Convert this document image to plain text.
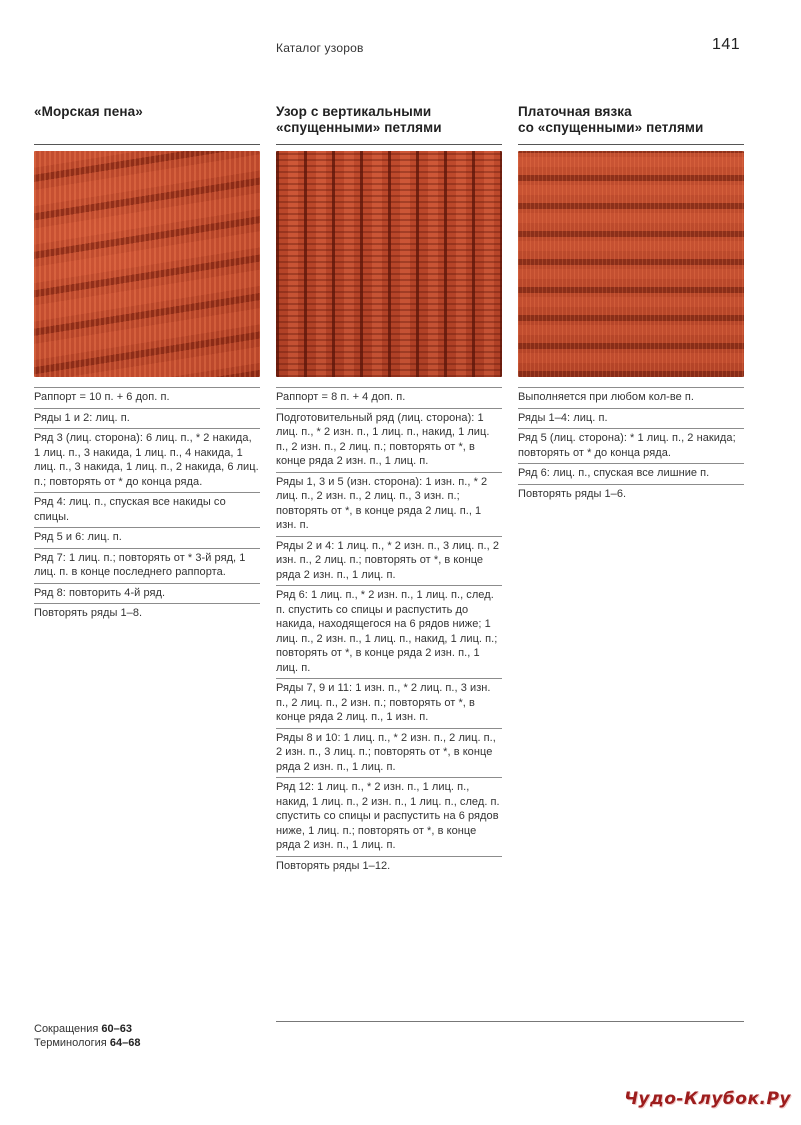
Каталог узоров	141
«Морская пена»
Раппорт = 10 п. + 6 доп. п.
Ряды 1 и 2: лиц. п.
Ряд 3 (лиц. сторона): 6 лиц. п., * 2 накида, 1 лиц. п., 3 накида, 1 лиц. п., 4 накида, 1 лиц. п., 3 накида, 1 лиц. п., 2 накида, 6 лиц. п.; повторять от * до конца ряда.
Ряд 4: лиц. п., спуская все накиды со спицы.
Ряд 5 и 6: лиц. п.
Ряд 7: 1 лиц. п.; повторять от * 3-й ряд, 1 лиц. п. в конце последнего раппорта.
Ряд 8: повторить 4-й ряд.
Повторять ряды 1–8.
Узор с вертикальными
«спущенными» петлями
Раппорт = 8 п. + 4 доп. п.
Подготовительный ряд (лиц. сторона): 1 лиц. п., * 2 изн. п., 1 лиц. п., накид, 1 лиц. п., 2 изн. п., 2 лиц. п.; повторять от *, в конце ряда 2 изн. п., 1 лиц. п.
Ряды 1, 3 и 5 (изн. сторона): 1 изн. п., * 2 лиц. п., 2 изн. п., 2 лиц. п., 3 изн. п.; повторять от *, в конце ряда 2 лиц. п., 1 изн. п.
Ряды 2 и 4: 1 лиц. п., * 2 изн. п., 3 лиц. п., 2 изн. п., 2 лиц. п.; повторять от *, в конце ряда 2 изн. п., 1 лиц. п.
Ряд 6: 1 лиц. п., * 2 изн. п., 1 лиц. п., след. п. спустить со спицы и распустить до накида, находящегося на 6 рядов ниже; 1 лиц. п., 2 изн. п., 1 лиц. п., накид, 1 лиц. п.; повторять от *, в конце ряда 2 изн. п., 1 лиц. п.
Ряды 7, 9 и 11: 1 изн. п., * 2 лиц. п., 3 изн. п., 2 лиц. п., 2 изн. п.; повторять от *, в конце ряда 2 лиц. п., 1 изн. п.
Ряды 8 и 10: 1 лиц. п., * 2 изн. п., 2 лиц. п., 2 изн. п., 3 лиц. п.; повторять от *, в конце ряда 2 изн. п., 1 лиц. п.
Ряд 12: 1 лиц. п., * 2 изн. п., 1 лиц. п., накид, 1 лиц. п., 2 изн. п., 1 лиц. п., след. п. спустить со спицы и распустить на 6 рядов ниже, 1 лиц. п.; повторять от *, в конце ряда 2 изн. п., 1 лиц. п.
Повторять ряды 1–12.
Платочная вязка
со «спущенными» петлями
Выполняется при любом кол-ве п.
Ряды 1–4: лиц. п.
Ряд 5 (лиц. сторона): * 1 лиц. п., 2 накида; повторять от * до конца ряда.
Ряд 6: лиц. п., спуская все лишние п.
Повторять ряды 1–6.
Сокращения 60–63
Терминология 64–68
Чудо-Клубок.Ру
